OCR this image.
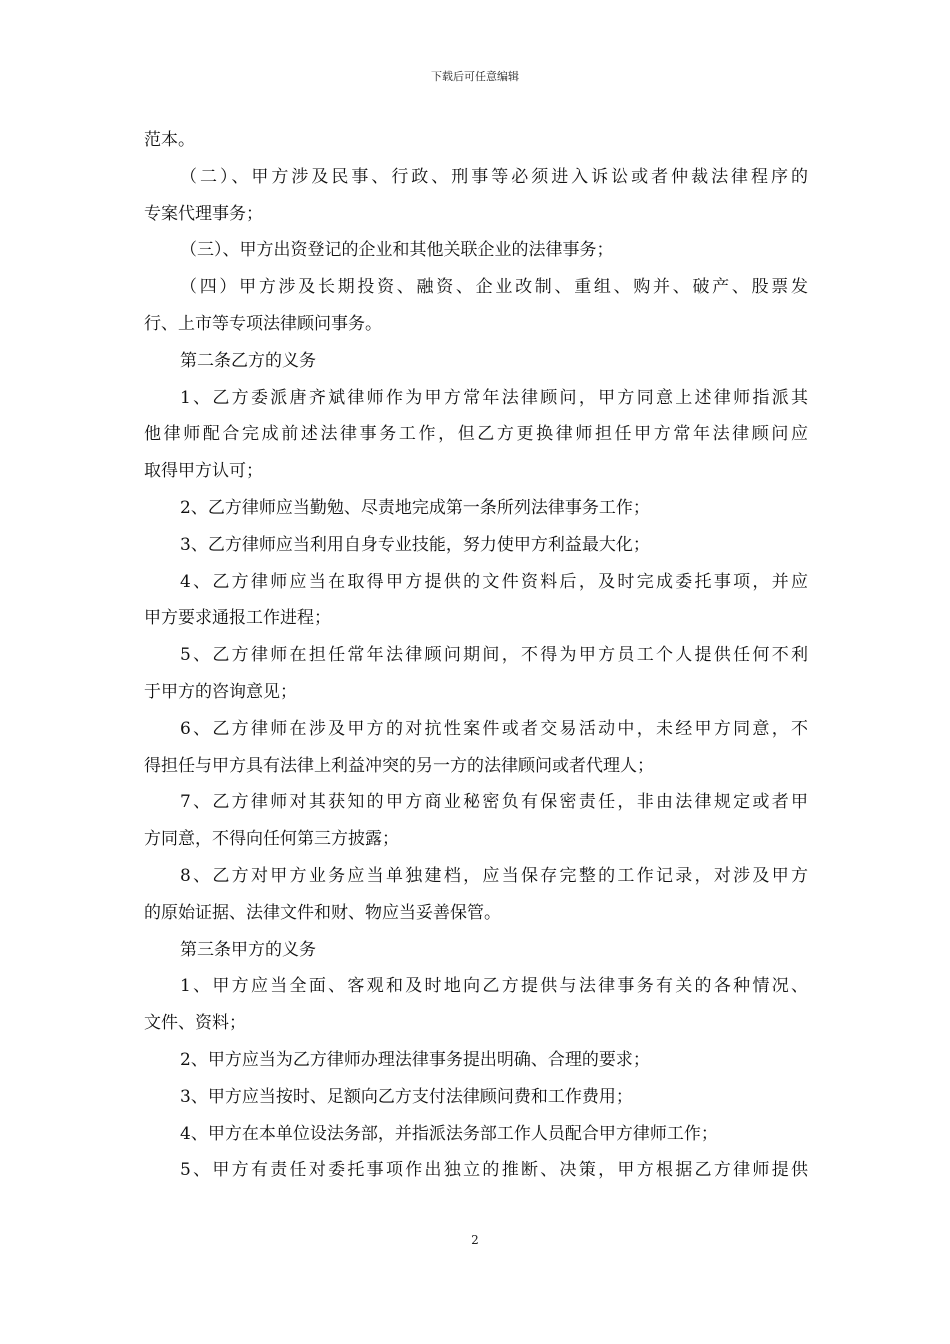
下载后可任意编辑
范本。
（二）、甲方涉及民事、行政、刑事等必须进入诉讼或者仲裁法律程序的
专案代理事务；
（三）、甲方出资登记的企业和其他关联企业的法律事务；
（四）甲方涉及长期投资、融资、企业改制、重组、购并、破产、股票发
行、上市等专项法律顾问事务。
第二条乙方的义务
1、乙方委派唐齐斌律师作为甲方常年法律顾问，甲方同意上述律师指派其
他律师配合完成前述法律事务工作，但乙方更换律师担任甲方常年法律顾问应
取得甲方认可；
2、乙方律师应当勤勉、尽责地完成第一条所列法律事务工作；
3、乙方律师应当利用自身专业技能，努力使甲方利益最大化；
4、乙方律师应当在取得甲方提供的文件资料后，及时完成委托事项，并应
甲方要求通报工作进程；
5、乙方律师在担任常年法律顾问期间，不得为甲方员工个人提供任何不利
于甲方的咨询意见；
6、乙方律师在涉及甲方的对抗性案件或者交易活动中，未经甲方同意，不
得担任与甲方具有法律上利益冲突的另一方的法律顾问或者代理人；
7、乙方律师对其获知的甲方商业秘密负有保密责任，非由法律规定或者甲
方同意，不得向任何第三方披露；
8、乙方对甲方业务应当单独建档，应当保存完整的工作记录，对涉及甲方
的原始证据、法律文件和财、物应当妥善保管。
第三条甲方的义务
1、甲方应当全面、客观和及时地向乙方提供与法律事务有关的各种情况、
文件、资料；
2、甲方应当为乙方律师办理法律事务提出明确、合理的要求；
3、甲方应当按时、足额向乙方支付法律顾问费和工作费用；
4、甲方在本单位设法务部，并指派法务部工作人员配合甲方律师工作；
5、甲方有责任对委托事项作出独立的推断、决策，甲方根据乙方律师提供
2
